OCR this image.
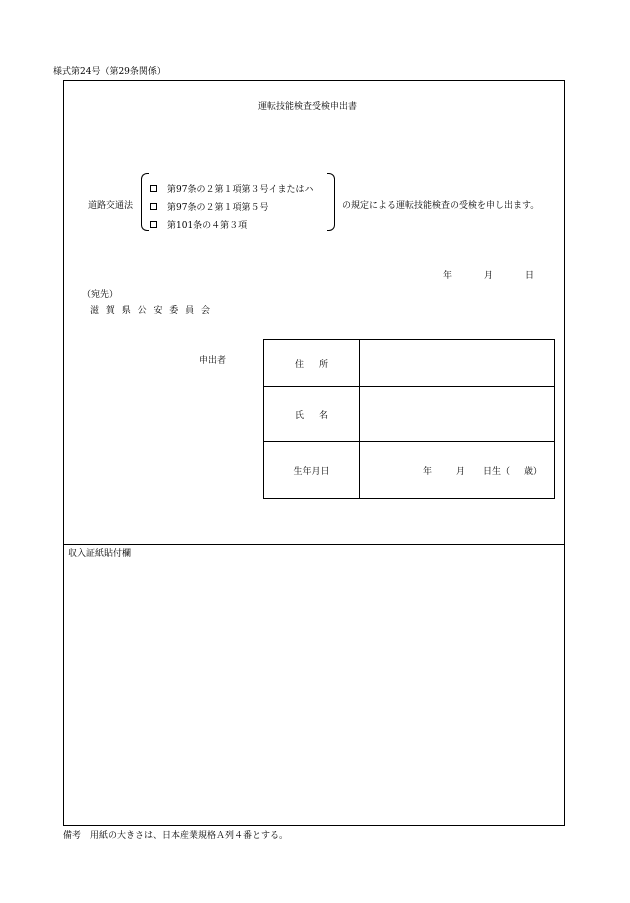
様式第24号（第29条関係）
運転技能検査受検申出書
道路交通法
第97条の２第１項第３号イまたはハ
第97条の２第１項第５号
第101条の４第３項
の規定による運転技能検査の受検を申し出ます。
年	月	日
（宛先）
滋 賀 県 公 安 委 員 会
申出者	住所	
氏名	
生年月日	年 月 日生（ 歳）
収入証紙貼付欄
備考　用紙の大きさは、日本産業規格Ａ列４番とする。
